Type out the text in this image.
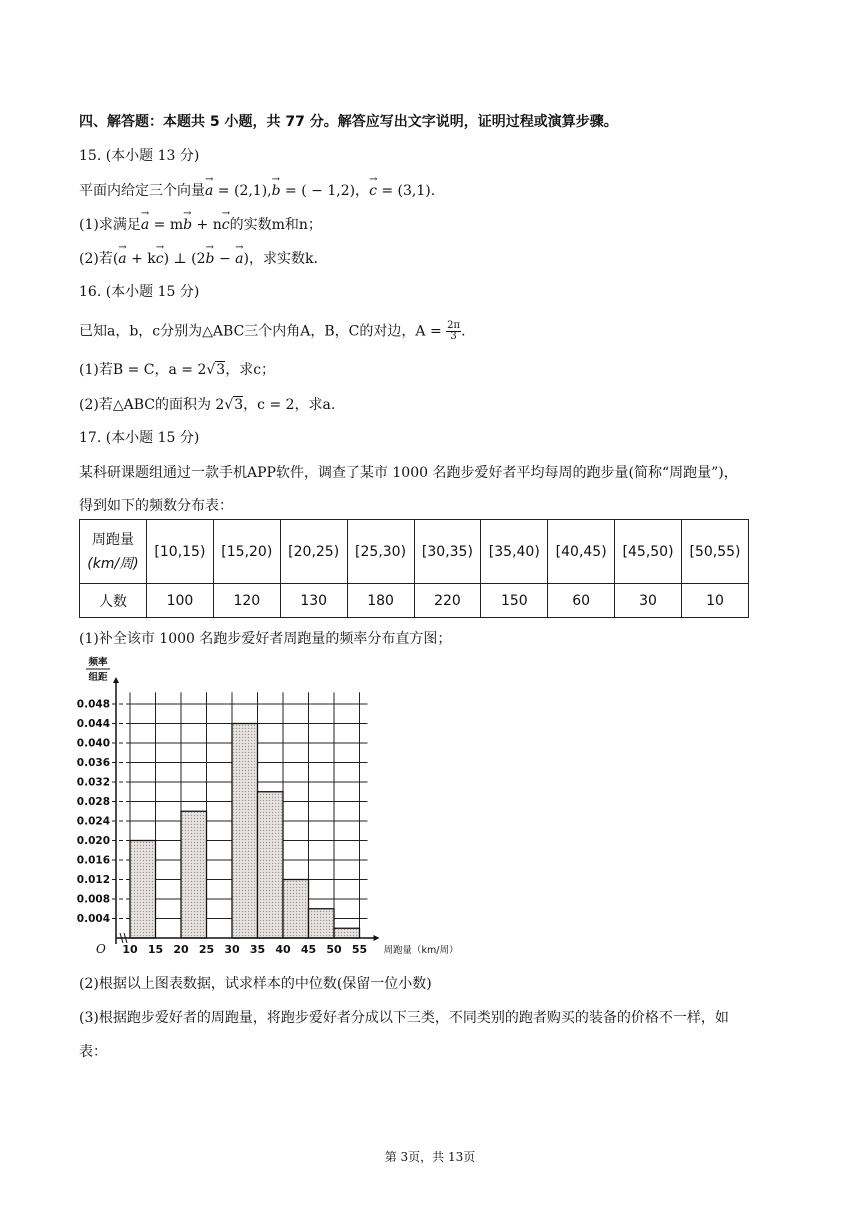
四、解答题：本题共 5 小题，共 77 分。解答应写出文字说明，证明过程或演算步骤。
15. (本小题 13 分)
平面内给定三个向量→ a = (2,1),→ b = ( − 1,2)，→ c = (3,1).
(1)求满足→ a = m→ b + n→ c的实数m和n；
(2)若(→ a + k→ c) ⊥ (2→ b − → a)，求实数k.
16. (本小题 15 分)
已知a，b，c分别为△ABC三个内角A，B，C的对边，$A = \frac{2\pi}{3}$ .
(1)若B = C，a = 2√3，求c；
(2)若△ABC的面积为 2√3，c = 2，求a.
17. (本小题 15 分)
某科研课题组通过一款手机APP软件，调查了某市 1000 名跑步爱好者平均每周的跑步量(简称“周跑量”)，
得到如下的频数分布表：
周跑量
(km/周)	[10,15)	[15,20)	[20,25)	[25,30)	[30,35)	[35,40)	[40,45)	[45,50)	[50,55)
人数	100	120	130	180	220	150	60	30	10
(1)补全该市 1000 名跑步爱好者周跑量的频率分布直方图；
0.004
0.008
0.012
0.016
0.020
0.024
0.028
0.032
0.036
0.040
0.044
0.048
10 15 20 25 30 35 40 45 50 55
O	周跑量（km/周）
频率
组距
(2)根据以上图表数据，试求样本的中位数(保留一位小数)
(3)根据跑步爱好者的周跑量，将跑步爱好者分成以下三类，不同类别的跑者购买的装备的价格不一样，如
表：
第 3页，共 13页
